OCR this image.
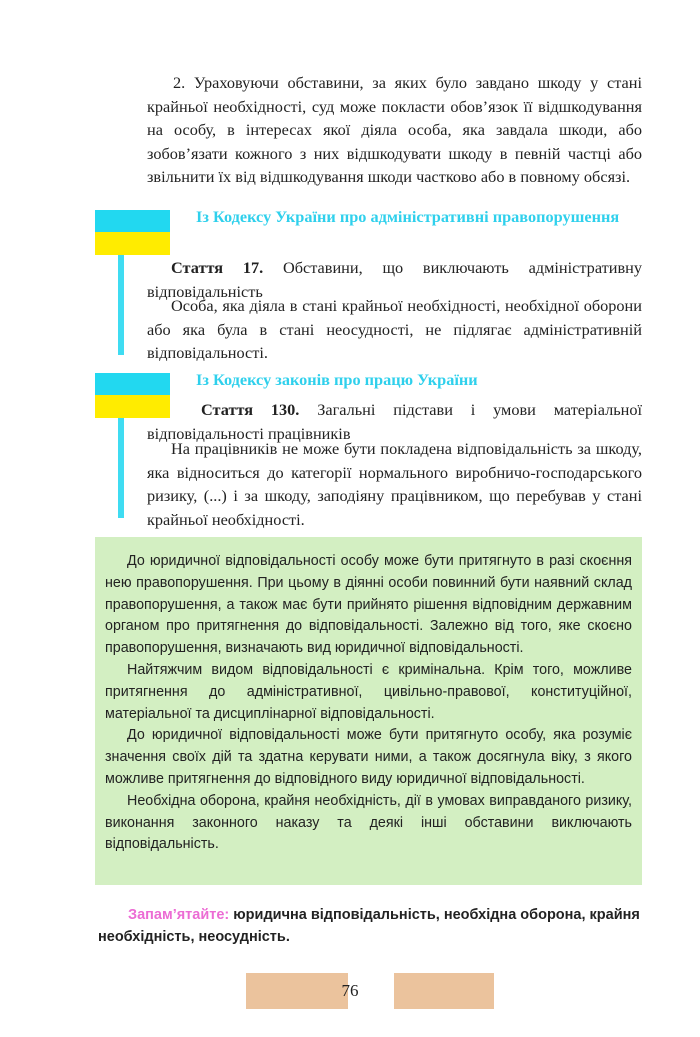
2. Ураховуючи обставини, за яких було завдано шкоду у стані крайньої необхідності, суд може покласти обов’язок її відшкодування на особу, в інтересах якої діяла особа, яка завдала шкоди, або зобов’язати кожного з них відшкодувати шкоду в певній частці або звільнити їх від відшкодування шкоди частково або в повному обсязі.

Із Кодексу України про адміністративні правопорушення

Стаття 17. Обставини, що виключають адміністративну відповідальність

Особа, яка діяла в стані крайньої необхідності, необхідної оборони або яка була в стані неосудності, не підлягає адміністративній відповідальності.

Із Кодексу законів про працю України

Стаття 130. Загальні підстави і умови матеріальної відповідальності працівників

На працівників не може бути покладена відповідальність за шкоду, яка відноситься до категорії нормального виробничо-господарського ризику, (...) і за шкоду, заподіяну працівником, що перебував у стані крайньої необхідності.

До юридичної відповідальності особу може бути притягнуто в разі скоєння нею правопорушення. При цьому в діянні особи повинний бути наявний склад правопорушення, а також має бути прийнято рішення відповідним державним органом про притягнення до відповідальності. Залежно від того, яке скоєно правопорушення, визначають вид юридичної відповідальності.

Найтяжчим видом відповідальності є кримінальна. Крім того, можливе притягнення до адміністративної, цивільно-правової, конституційної, матеріальної та дисциплінарної відповідальності.

До юридичної відповідальності може бути притягнуто особу, яка розуміє значення своїх дій та здатна керувати ними, а також досягнула віку, з якого можливе притягнення до відповідного виду юридичної відповідальності.

Необхідна оборона, крайня необхідність, дії в умовах виправданого ризику, виконання законного наказу та деякі інші обставини виключають відповідальність.

Запам’ятайте: юридична відповідальність, необхідна оборона, крайня необхідність, неосудність.

76
